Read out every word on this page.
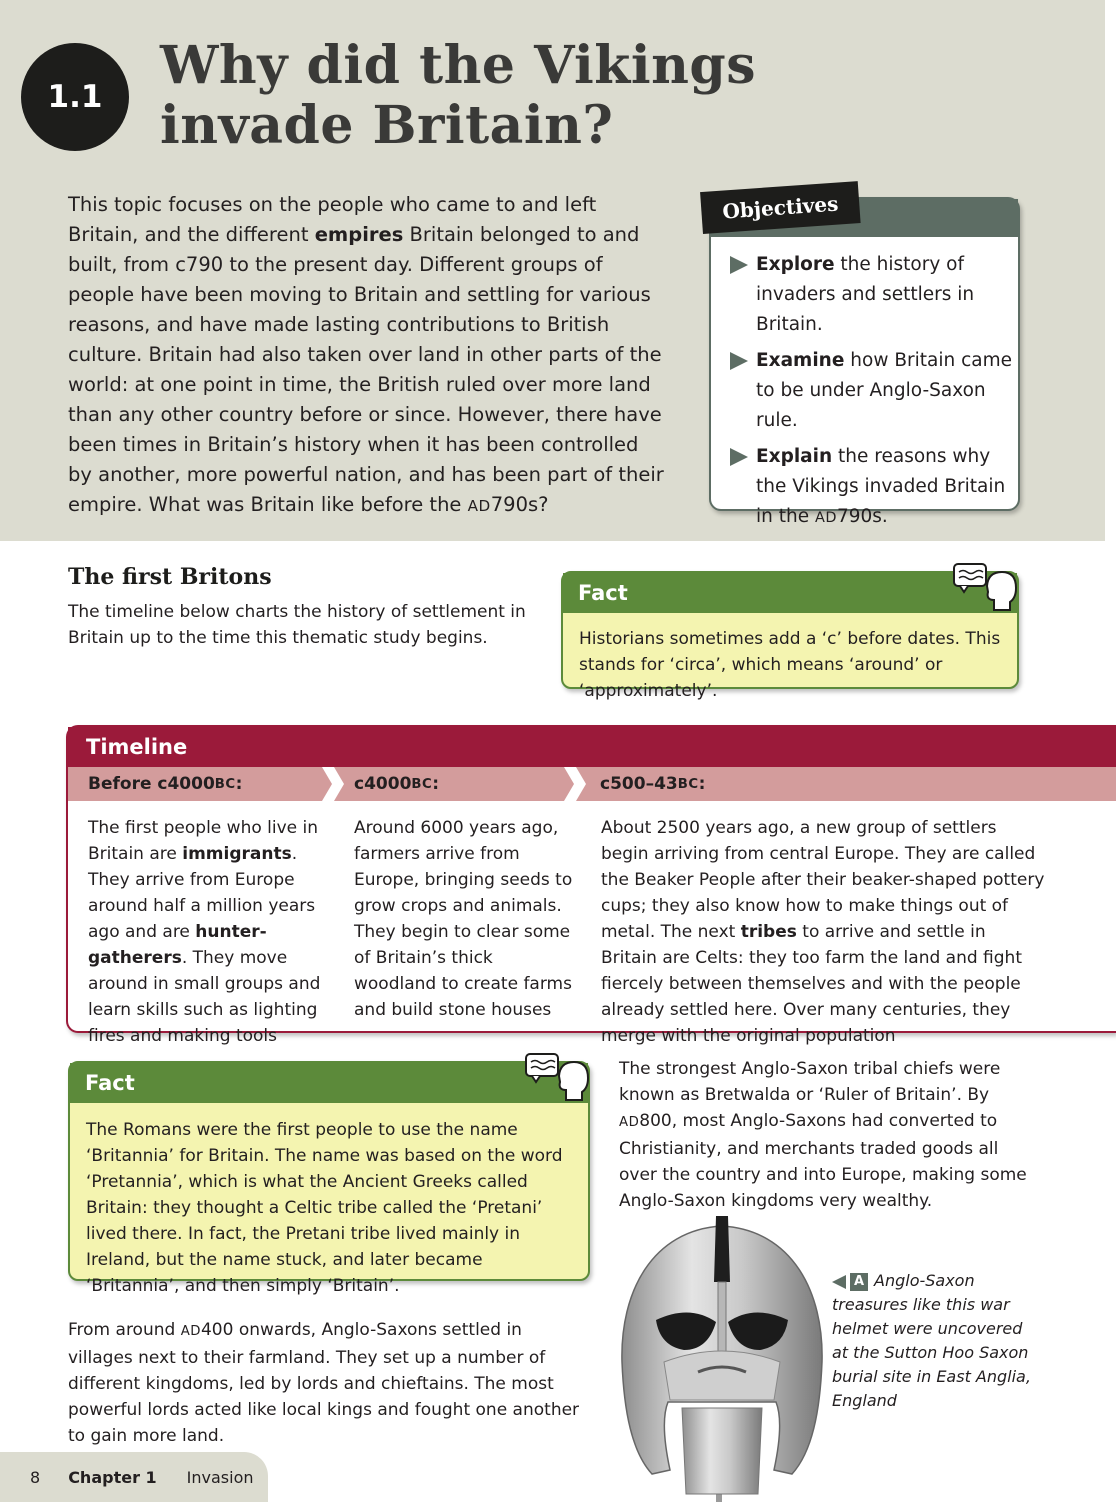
1.1
Why did the Vikings
invade Britain?

This topic focuses on the people who came to and left Britain, and the different empires Britain belonged to and built, from c790 to the present day. Different groups of people have been moving to Britain and settling for various reasons, and have made lasting contributions to British culture. Britain had also taken over land in other parts of the world: at one point in time, the British ruled over more land than any other country before or since. However, there have been times in Britain’s history when it has been controlled by another, more powerful nation, and has been part of their empire. What was Britain like before the AD790s?

Objectives
Explore the history of invaders and settlers in Britain.
Examine how Britain came to be under Anglo-Saxon rule.
Explain the reasons why the Vikings invaded Britain in the AD790s.
The first Britons

The timeline below charts the history of settlement in Britain up to the time this thematic study begins.

Fact

Historians sometimes add a ‘c’ before dates. This stands for ‘circa’, which means ‘around’ or ‘approximately’.

Timeline
Before c4000 BC :	c4000 BC :	c500–43 BC :

The first people who live in Britain are immigrants. They arrive from Europe around half a million years ago and are hunter-gatherers. They move around in small groups and learn skills such as lighting fires and making tools

Around 6000 years ago, farmers arrive from Europe, bringing seeds to grow crops and animals. They begin to clear some of Britain’s thick woodland to create farms and build stone houses

About 2500 years ago, a new group of settlers begin arriving from central Europe. They are called the Beaker People after their beaker-shaped pottery cups; they also know how to make things out of metal. The next tribes to arrive and settle in Britain are Celts: they too farm the land and fight fiercely between themselves and with the people already settled here. Over many centuries, they merge with the original population

Fact

The Romans were the first people to use the name ‘Britannia’ for Britain. The name was based on the word ‘Pretannia’, which is what the Ancient Greeks called Britain: they thought a Celtic tribe called the ‘Pretani’ lived there. In fact, the Pretani tribe lived mainly in Ireland, but the name stuck, and later became ‘Britannia’, and then simply ‘Britain’.

The strongest Anglo-Saxon tribal chiefs were known as Bretwalda or ‘Ruler of Britain’. By AD800, most Anglo-Saxons had converted to Christianity, and merchants traded goods all over the country and into Europe, making some Anglo-Saxon kingdoms very wealthy.

From around AD400 onwards, Anglo-Saxons settled in villages next to their farmland. They set up a number of different kingdoms, led by lords and chieftains. The most powerful lords acted like local kings and fought one another to gain more land.

A Anglo-Saxon treasures like this war helmet were uncovered at the Sutton Hoo Saxon burial site in East Anglia, England
8 Chapter 1 Invasion
